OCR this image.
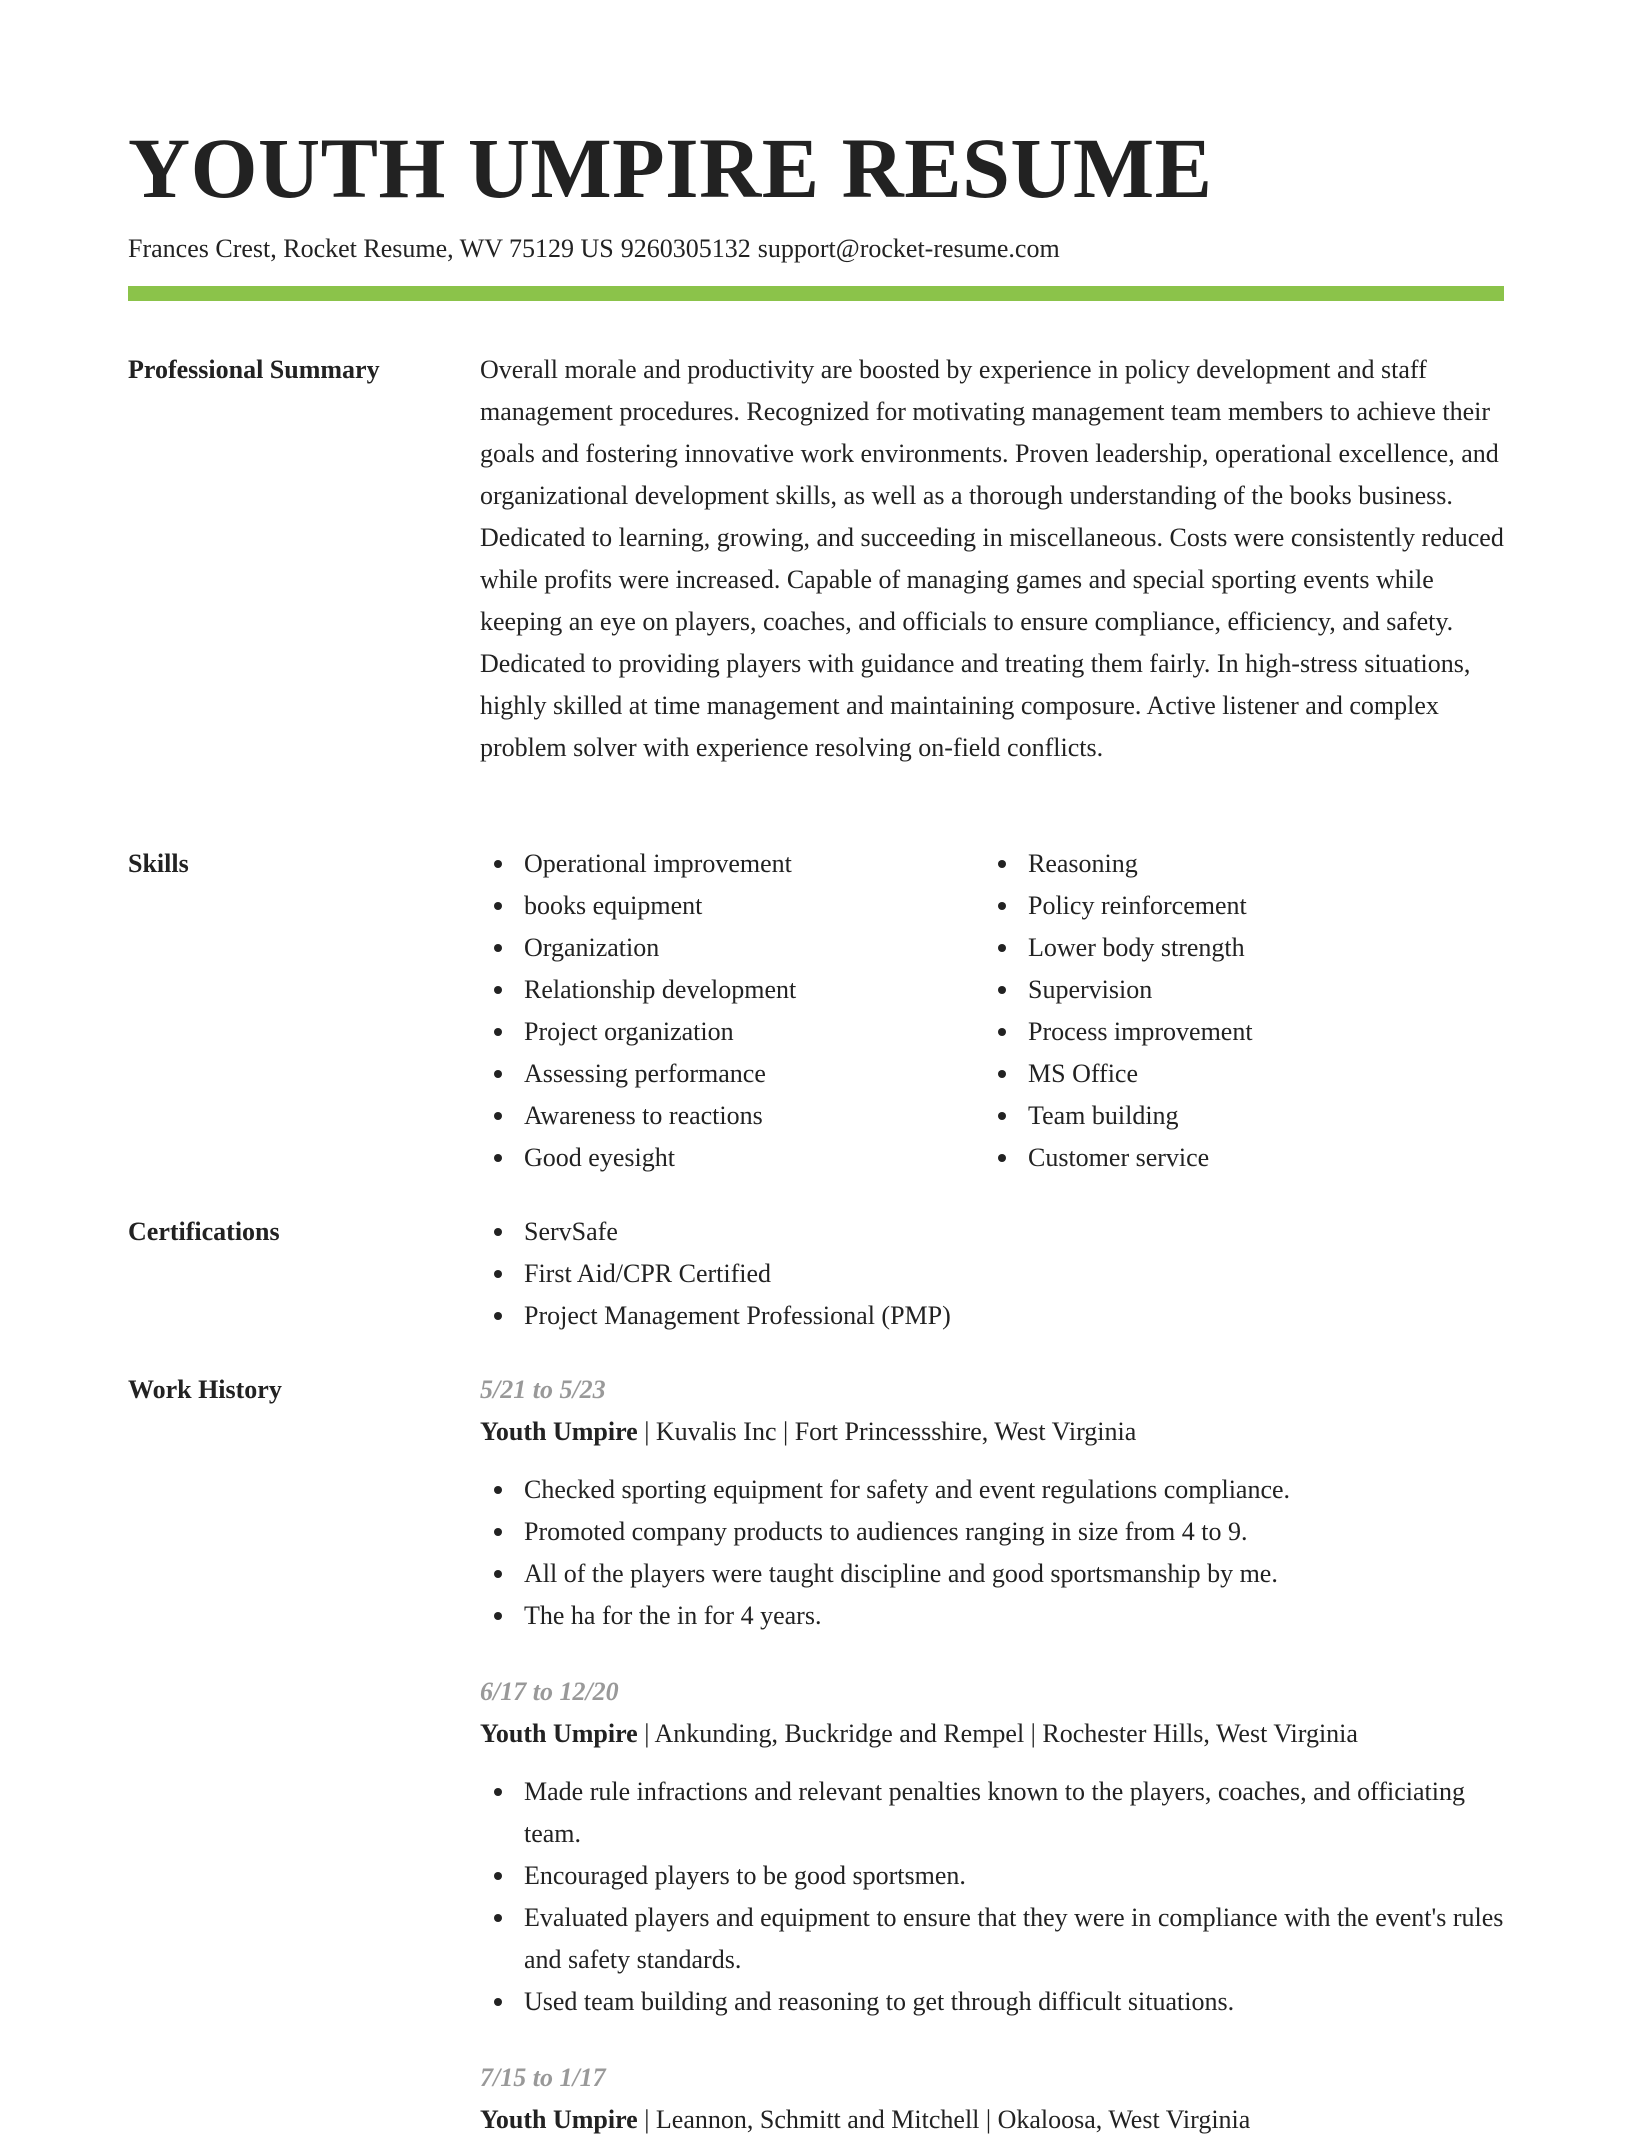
YOUTH UMPIRE RESUME
Frances Crest, Rocket Resume, WV 75129 US 9260305132 support@rocket-resume.com
Professional Summary	Overall morale and productivity are boosted by experience in policy development and staff management procedures. Recognized for motivating management team members to achieve their goals and fostering innovative work environments. Proven leadership, operational excellence, and organizational development skills, as well as a thorough understanding of the books business. Dedicated to learning, growing, and succeeding in miscellaneous. Costs were consistently reduced while profits were increased. Capable of managing games and special sporting events while keeping an eye on players, coaches, and officials to ensure compliance, efficiency, and safety. Dedicated to providing players with guidance and treating them fairly. In high-stress situations, highly skilled at time management and maintaining composure. Active listener and complex problem solver with experience resolving on-field conflicts.
Skills	Operational improvement
books equipment
Organization
Relationship development
Project organization
Assessing performance
Awareness to reactions
Good eyesight
Reasoning
Policy reinforcement
Lower body strength
Supervision
Process improvement
MS Office
Team building
Customer service
Certifications	ServSafe
First Aid/CPR Certified
Project Management Professional (PMP)
Work History	5/21 to 5/23
Youth Umpire | Kuvalis Inc | Fort Princessshire, West Virginia
Checked sporting equipment for safety and event regulations compliance.
Promoted company products to audiences ranging in size from 4 to 9.
All of the players were taught discipline and good sportsmanship by me.
The ha for the in for 4 years.
6/17 to 12/20
Youth Umpire | Ankunding, Buckridge and Rempel | Rochester Hills, West Virginia
Made rule infractions and relevant penalties known to the players, coaches, and officiating team.
Encouraged players to be good sportsmen.
Evaluated players and equipment to ensure that they were in compliance with the event's rules and safety standards.
Used team building and reasoning to get through difficult situations.
7/15 to 1/17
Youth Umpire | Leannon, Schmitt and Mitchell | Okaloosa, West Virginia
